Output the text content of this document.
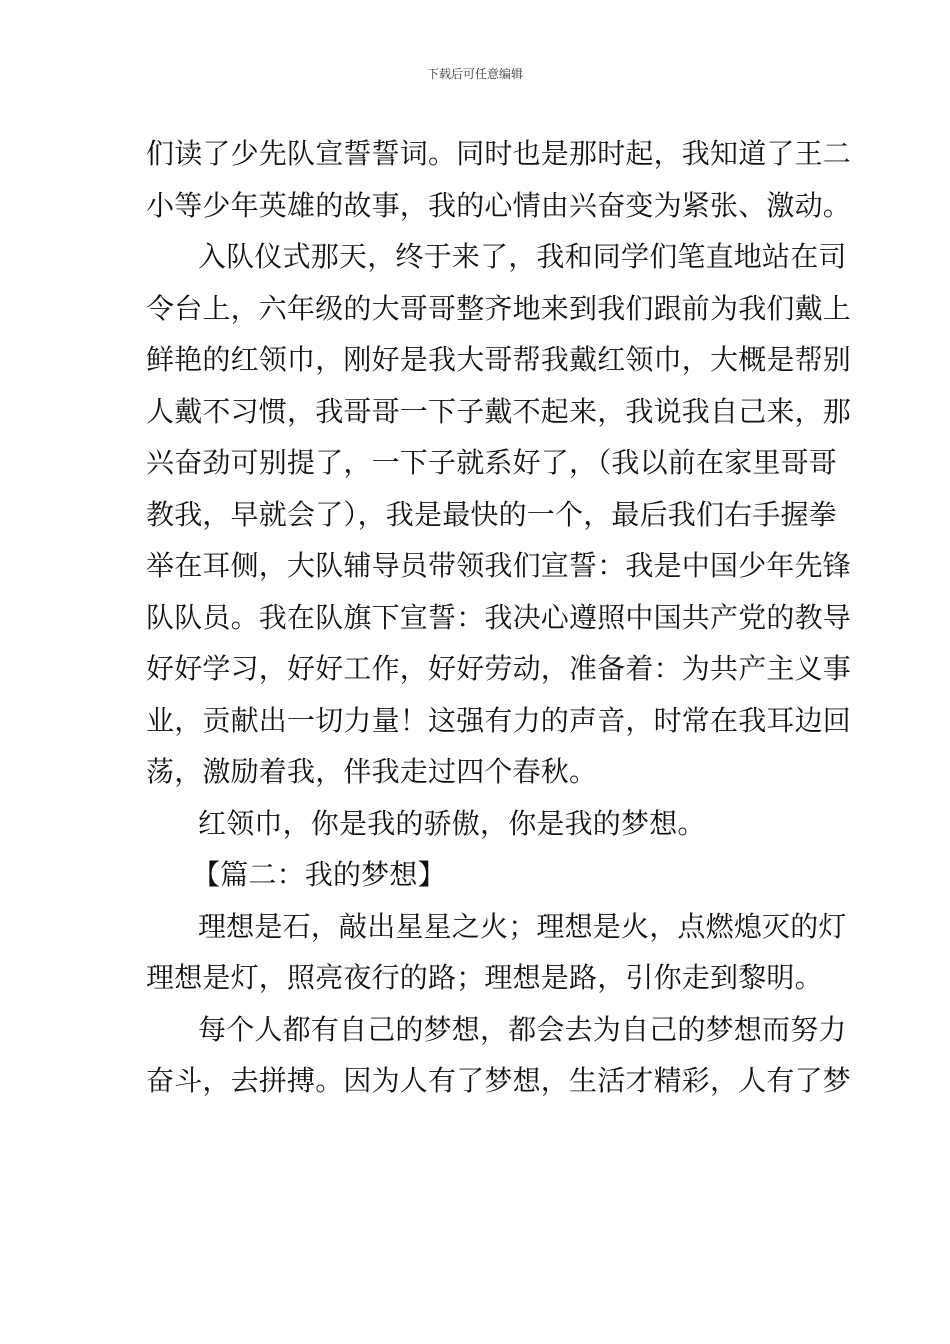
下载后可任意编辑
们读了少先队宣誓誓词。同时也是那时起，我知道了王二
小等少年英雄的故事，我的心情由兴奋变为紧张、激动。
入队仪式那天，终于来了，我和同学们笔直地站在司
令台上，六年级的大哥哥整齐地来到我们跟前为我们戴上
鲜艳的红领巾，刚好是我大哥帮我戴红领巾，大概是帮别
人戴不习惯，我哥哥一下子戴不起来，我说我自己来，那
兴奋劲可别提了，一下子就系好了，（我以前在家里哥哥
教我，早就会了），我是最快的一个，最后我们右手握拳
举在耳侧，大队辅导员带领我们宣誓：我是中国少年先锋
队队员。我在队旗下宣誓：我决心遵照中国共产党的教导
好好学习，好好工作，好好劳动，准备着：为共产主义事
业，贡献出一切力量！这强有力的声音，时常在我耳边回
荡，激励着我，伴我走过四个春秋。
红领巾，你是我的骄傲，你是我的梦想。
【篇二：我的梦想】
理想是石，敲出星星之火；理想是火，点燃熄灭的灯
理想是灯，照亮夜行的路；理想是路，引你走到黎明。
每个人都有自己的梦想，都会去为自己的梦想而努力
奋斗，去拼搏。因为人有了梦想，生活才精彩，人有了梦
